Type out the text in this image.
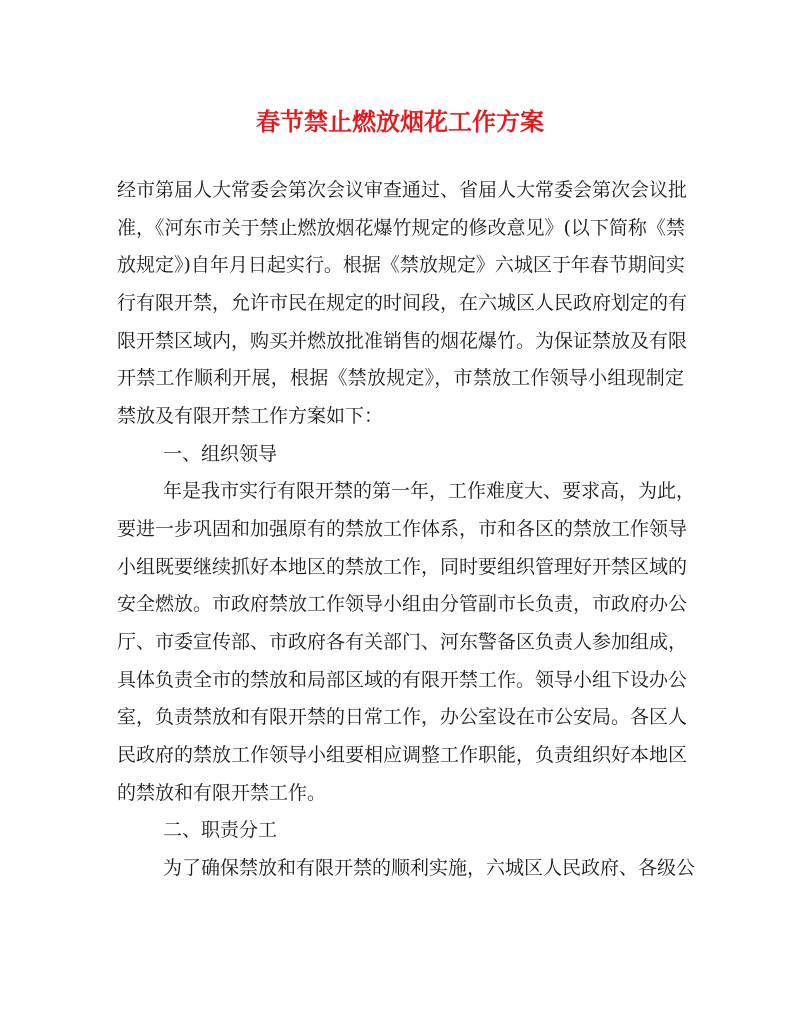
春节禁止燃放烟花工作方案

经市第届人大常委会第次会议审查通过、省届人大常委会第次会议批

准，《河东市关于禁止燃放烟花爆竹规定的修改意见》(以下简称《禁

放规定》)自年月日起实行。根据《禁放规定》六城区于年春节期间实

行有限开禁，允许市民在规定的时间段，在六城区人民政府划定的有

限开禁区域内，购买并燃放批准销售的烟花爆竹。为保证禁放及有限

开禁工作顺利开展，根据《禁放规定》，市禁放工作领导小组现制定

禁放及有限开禁工作方案如下：

一、组织领导

年是我市实行有限开禁的第一年，工作难度大、要求高，为此，

要进一步巩固和加强原有的禁放工作体系，市和各区的禁放工作领导

小组既要继续抓好本地区的禁放工作，同时要组织管理好开禁区域的

安全燃放。市政府禁放工作领导小组由分管副市长负责，市政府办公

厅、市委宣传部、市政府各有关部门、河东警备区负责人参加组成，

具体负责全市的禁放和局部区域的有限开禁工作。领导小组下设办公

室，负责禁放和有限开禁的日常工作，办公室设在市公安局。各区人

民政府的禁放工作领导小组要相应调整工作职能，负责组织好本地区

的禁放和有限开禁工作。

二、职责分工

为了确保禁放和有限开禁的顺利实施，六城区人民政府、各级公
